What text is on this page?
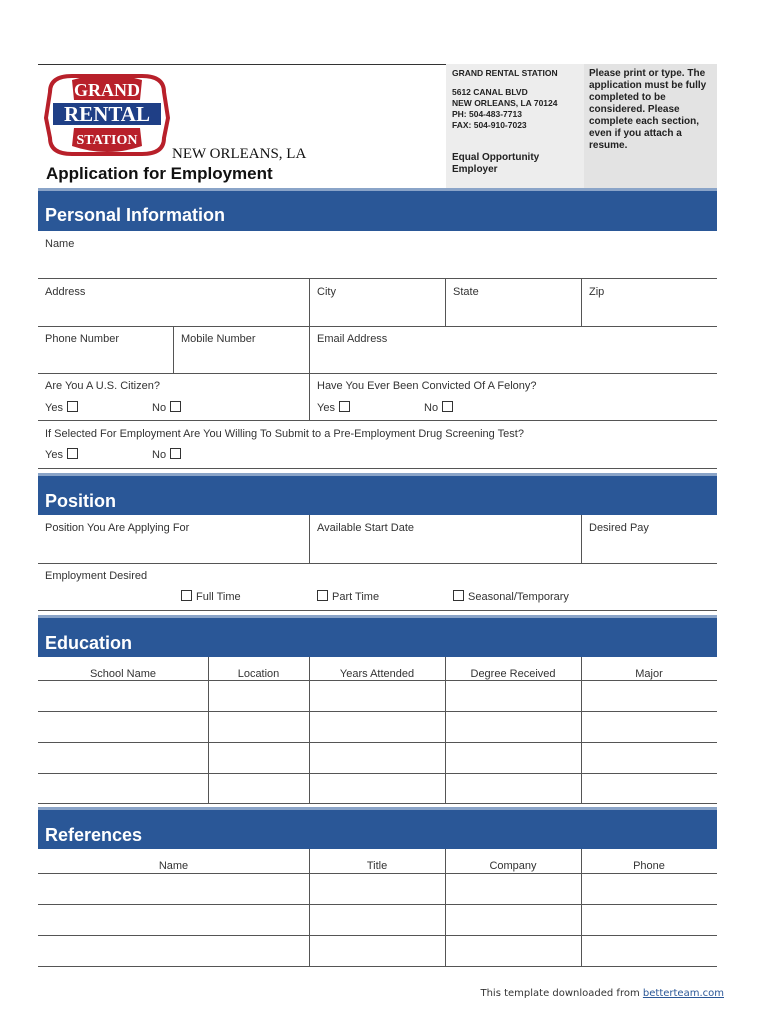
GRAND
RENTAL
STATION
NEW ORLEANS, LA
Application for Employment
GRAND RENTAL STATION
5612 CANAL BLVD
NEW ORLEANS, LA 70124
PH: 504-483-7713
FAX: 504-910-7023
Equal Opportunity
Employer
Please print or type. The
application must be fully
completed to be
considered. Please
complete each section,
even if you attach a
resume.
Personal Information
Name
Address	City	State	Zip
Phone Number	Mobile Number	Email Address
Are You A U.S. Citizen?
Yes	No
Have You Ever Been Convicted Of A Felony?
Yes	No
If Selected For Employment Are You Willing To Submit to a Pre-Employment Drug Screening Test?
Yes	No
Position
Position You Are Applying For	Available Start Date	Desired Pay
Employment Desired
Full Time	Part Time	Seasonal/Temporary
Education
School Name	Location	Years Attended	Degree Received	Major
References
Name	Title	Company	Phone
This template downloaded from betterteam.com
